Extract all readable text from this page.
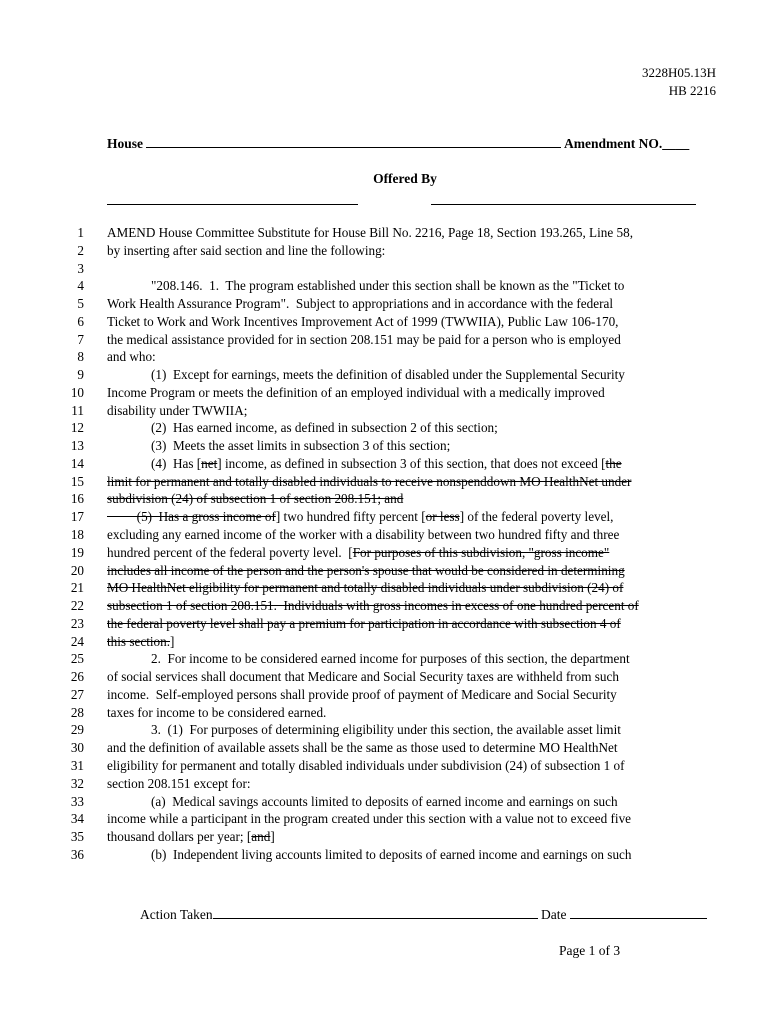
3228H05.13H
HB 2216
House	Amendment NO.____
Offered By
1 AMEND House Committee Substitute for House Bill No. 2216, Page 18, Section 193.265, Line 58,
2 by inserting after said section and line the following:
3
4	"208.146.  1.  The program established under this section shall be known as the "Ticket to
5 Work Health Assurance Program".  Subject to appropriations and in accordance with the federal
6 Ticket to Work and Work Incentives Improvement Act of 1999 (TWWIIA), Public Law 106-170,
7 the medical assistance provided for in section 208.151 may be paid for a person who is employed
8 and who:
9	(1)  Except for earnings, meets the definition of disabled under the Supplemental Security
10 Income Program or meets the definition of an employed individual with a medically improved
11 disability under TWWIIA;
12	(2)  Has earned income, as defined in subsection 2 of this section;
13	(3)  Meets the asset limits in subsection 3 of this section;
14	(4)  Has [net] income, as defined in subsection 3 of this section, that does not exceed [the
15 limit for permanent and totally disabled individuals to receive nonspenddown MO HealthNet under
16 subdivision (24) of subsection 1 of section 208.151; and
17 (5)  Has a gross income of] two hundred fifty percent [or less] of the federal poverty level,
18 excluding any earned income of the worker with a disability between two hundred fifty and three
19 hundred percent of the federal poverty level.  [For purposes of this subdivision, "gross income"
20 includes all income of the person and the person's spouse that would be considered in determining
21 MO HealthNet eligibility for permanent and totally disabled individuals under subdivision (24) of
22 subsection 1 of section 208.151.  Individuals with gross incomes in excess of one hundred percent of
23 the federal poverty level shall pay a premium for participation in accordance with subsection 4 of
24 this section.]
25	2.  For income to be considered earned income for purposes of this section, the department
26 of social services shall document that Medicare and Social Security taxes are withheld from such
27 income.  Self-employed persons shall provide proof of payment of Medicare and Social Security
28 taxes for income to be considered earned.
29	3.  (1)  For purposes of determining eligibility under this section, the available asset limit
30 and the definition of available assets shall be the same as those used to determine MO HealthNet
31 eligibility for permanent and totally disabled individuals under subdivision (24) of subsection 1 of
32 section 208.151 except for:
33	(a)  Medical savings accounts limited to deposits of earned income and earnings on such
34 income while a participant in the program created under this section with a value not to exceed five
35 thousand dollars per year; [and]
36	(b)  Independent living accounts limited to deposits of earned income and earnings on such
Action Taken	Date
Page 1 of 3
